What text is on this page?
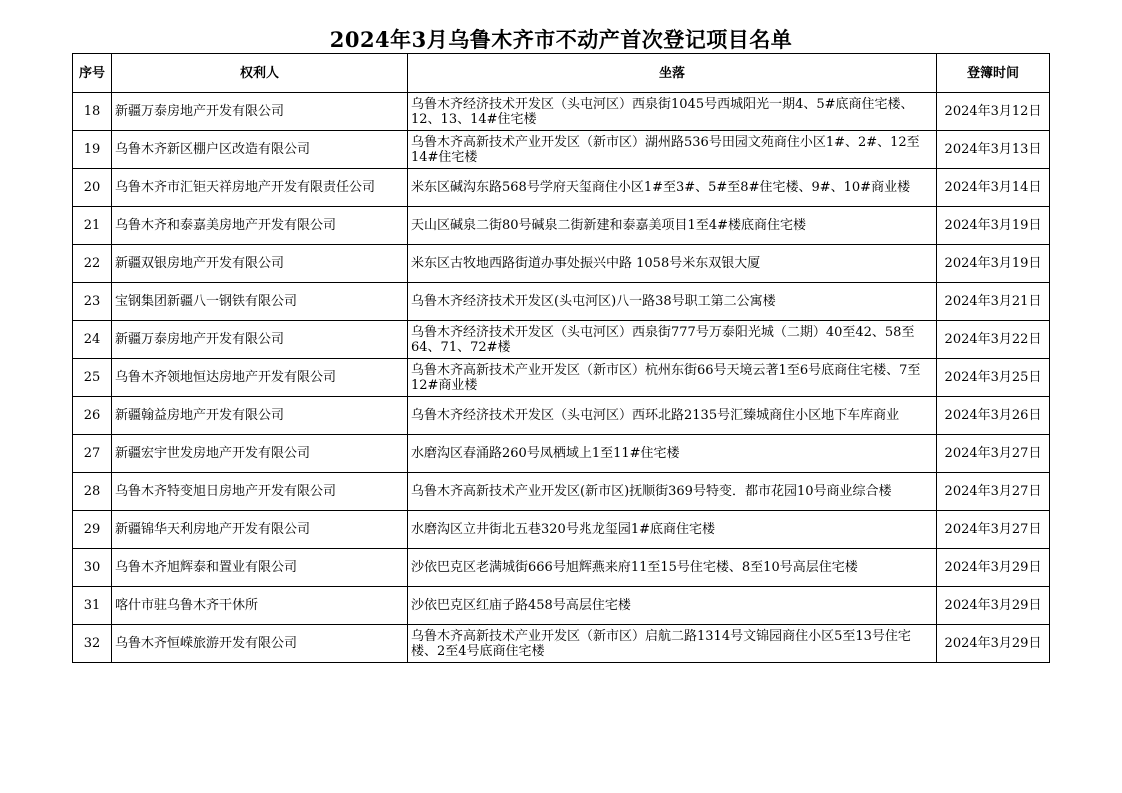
2024年3月乌鲁木齐市不动产首次登记项目名单
序号	权利人	坐落	登簿时间
18	新疆万泰房地产开发有限公司	乌鲁木齐经济技术开发区（头屯河区）西泉街1045号西城阳光一期4、5#底商住宅楼、12、13、14#住宅楼	2024年3月12日
19	乌鲁木齐新区棚户区改造有限公司	乌鲁木齐高新技术产业开发区（新市区）湖州路536号田园文苑商住小区1#、2#、12至14#住宅楼	2024年3月13日
20	乌鲁木齐市汇钜天祥房地产开发有限责任公司	米东区碱沟东路568号学府天玺商住小区1#至3#、5#至8#住宅楼、9#、10#商业楼	2024年3月14日
21	乌鲁木齐和泰嘉美房地产开发有限公司	天山区碱泉二街80号碱泉二街新建和泰嘉美项目1至4#楼底商住宅楼	2024年3月19日
22	新疆双银房地产开发有限公司	米东区古牧地西路街道办事处振兴中路 1058号米东双银大厦	2024年3月19日
23	宝钢集团新疆八一钢铁有限公司	乌鲁木齐经济技术开发区(头屯河区)八一路38号职工第二公寓楼	2024年3月21日
24	新疆万泰房地产开发有限公司	乌鲁木齐经济技术开发区（头屯河区）西泉街777号万泰阳光城（二期）40至42、58至64、71、72#楼	2024年3月22日
25	乌鲁木齐领地恒达房地产开发有限公司	乌鲁木齐高新技术产业开发区（新市区）杭州东街66号天境云著1至6号底商住宅楼、7至12#商业楼	2024年3月25日
26	新疆翰益房地产开发有限公司	乌鲁木齐经济技术开发区（头屯河区）西环北路2135号汇臻城商住小区地下车库商业	2024年3月26日
27	新疆宏宇世发房地产开发有限公司	水磨沟区春涌路260号凤栖域上1至11#住宅楼	2024年3月27日
28	乌鲁木齐特变旭日房地产开发有限公司	乌鲁木齐高新技术产业开发区(新市区)抚顺街369号特变．都市花园10号商业综合楼	2024年3月27日
29	新疆锦华天利房地产开发有限公司	水磨沟区立井街北五巷320号兆龙玺园1#底商住宅楼	2024年3月27日
30	乌鲁木齐旭辉泰和置业有限公司	沙依巴克区老满城街666号旭辉燕来府11至15号住宅楼、8至10号高层住宅楼	2024年3月29日
31	喀什市驻乌鲁木齐干休所	沙依巴克区红庙子路458号高层住宅楼	2024年3月29日
32	乌鲁木齐恒嵘旅游开发有限公司	乌鲁木齐高新技术产业开发区（新市区）启航二路1314号文锦园商住小区5至13号住宅楼、2至4号底商住宅楼	2024年3月29日
